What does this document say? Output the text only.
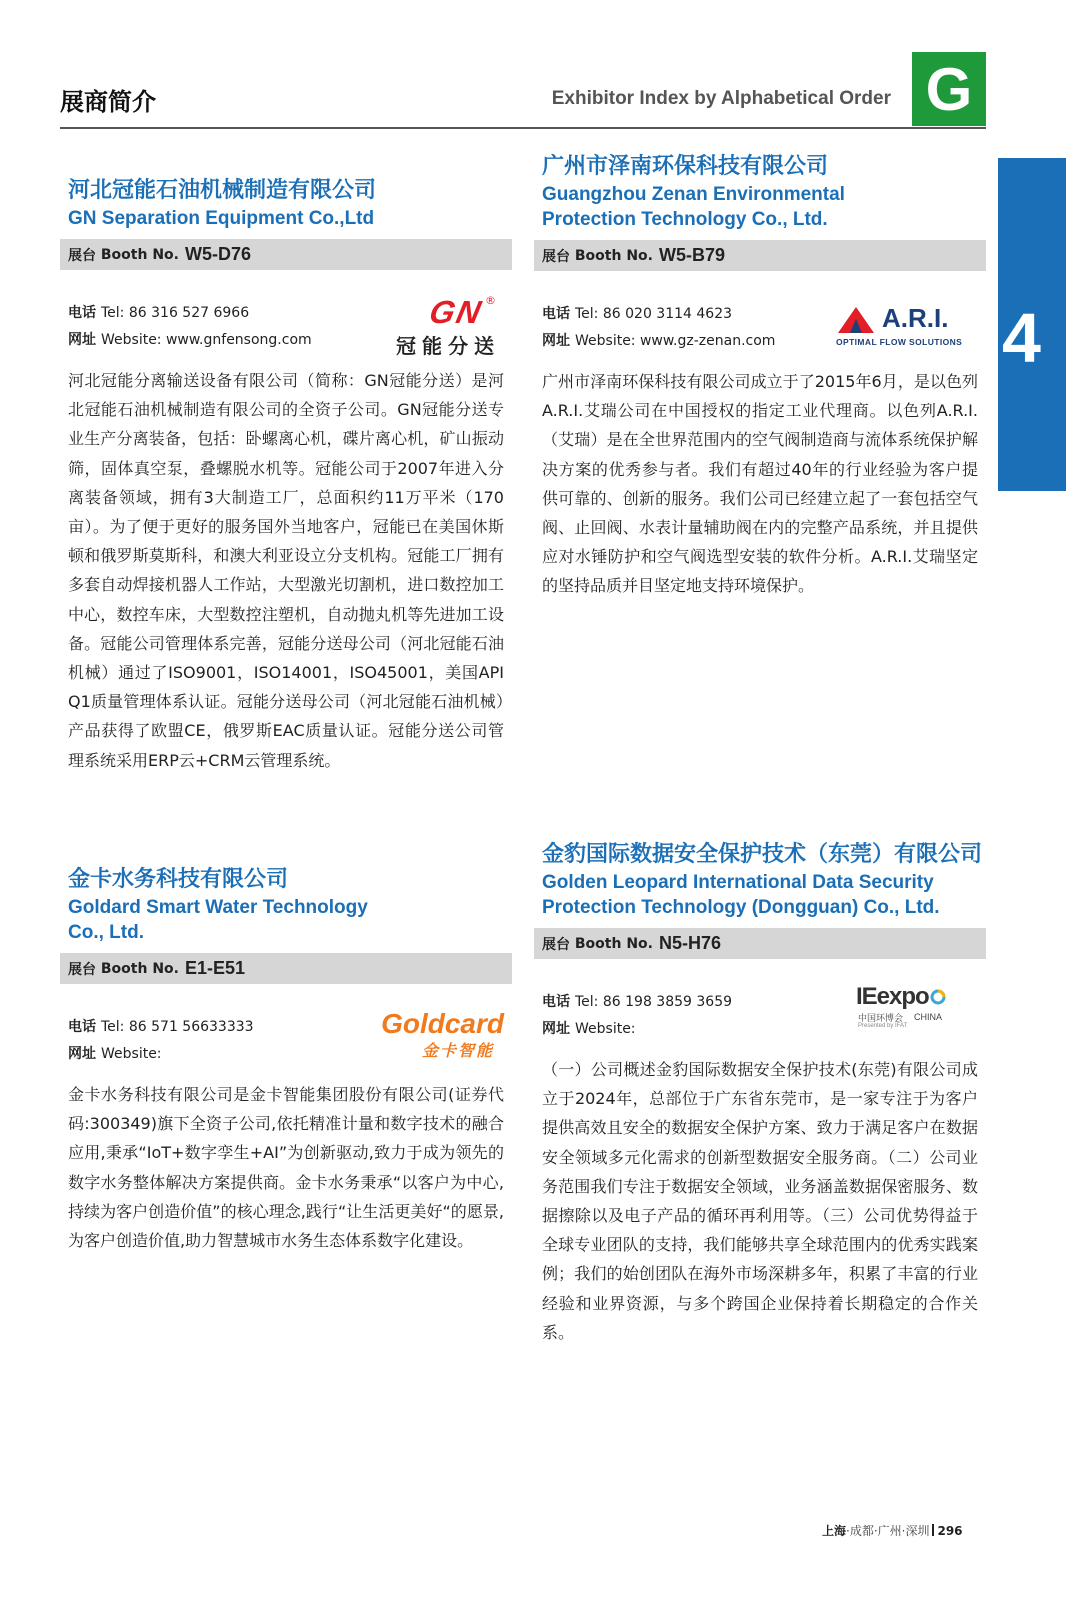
展商简介	Exhibitor Index by Alphabetical Order G
4
河北冠能石油机械制造有限公司
GN Separation Equipment Co.,Ltd
展台
Booth No. W5-D76
电话 Tel: 86 316 527 6966
网址 Website: www.gnfensong.com
GN ®
冠能分送
河北冠能分离输送设备有限公司（简称：GN冠能分送）是河北冠能石油机械制造有限公司的全资子公司。GN冠能分送专业生产分离装备，包括：卧螺离心机，碟片离心机，矿山振动筛，固体真空泵，叠螺脱水机等。冠能公司于2007年进入分离装备领域，拥有3大制造工厂，总面积约11万平米（170亩）。为了便于更好的服务国外当地客户，冠能已在美国休斯顿和俄罗斯莫斯科，和澳大利亚设立分支机构。冠能工厂拥有多套自动焊接机器人工作站，大型激光切割机，进口数控加工中心，数控车床，大型数控注塑机，自动抛丸机等先进加工设备。冠能公司管理体系完善，冠能分送母公司（河北冠能石油机械）通过了ISO9001，ISO14001，ISO45001，美国API Q1质量管理体系认证。冠能分送母公司（河北冠能石油机械）产品获得了欧盟CE，俄罗斯EAC质量认证。冠能分送公司管理系统采用ERP云+CRM云管理系统。
广州市泽南环保科技有限公司
Guangzhou Zenan Environmental Protection Technology Co., Ltd.
展台
Booth No. W5-B79
电话 Tel: 86 020 3114 4623
网址 Website: www.gz-zenan.com
A.R.I.
OPTIMAL FLOW SOLUTIONS
广州市泽南环保科技有限公司成立于了2015年6月，是以色列A.R.I.艾瑞公司在中国授权的指定工业代理商。以色列A.R.I.（艾瑞）是在全世界范围内的空气阀制造商与流体系统保护解决方案的优秀参与者。我们有超过40年的行业经验为客户提供可靠的、创新的服务。我们公司已经建立起了一套包括空气阀、止回阀、水表计量辅助阀在内的完整产品系统，并且提供应对水锤防护和空气阀选型安装的软件分析。A.R.I.艾瑞坚定的坚持品质并目坚定地支持环境保护。
金卡水务科技有限公司
Goldard Smart Water Technology Co., Ltd.
展台
Booth No. E1-E51
电话 Tel: 86 571 56633333
网址 Website:
Goldcard
金卡智能
金卡水务科技有限公司是金卡智能集团股份有限公司(证券代码:300349)旗下全资子公司,依托精准计量和数字技术的融合应用,秉承“IoT+数字孪生+AI”为创新驱动,致力于成为领先的数字水务整体解决方案提供商。金卡水务秉承“以客户为中心,持续为客户创造价值”的核心理念,践行“让生活更美好“的愿景,为客户创造价值,助力智慧城市水务生态体系数字化建设。
金豹国际数据安全保护技术（东莞）有限公司
Golden Leopard International Data Security Protection Technology (Dongguan) Co., Ltd.
展台
Booth No. N5-H76
电话 Tel: 86 198 3859 3659
网址 Website:
IEexpo
中国环博会 CHINA
Presented by IFAT
（一）公司概述金豹国际数据安全保护技术(东莞)有限公司成立于2024年，总部位于广东省东莞市，是一家专注于为客户提供高效且安全的数据安全保护方案、致力于满足客户在数据安全领域多元化需求的创新型数据安全服务商。（二）公司业务范围我们专注于数据安全领域，业务涵盖数据保密服务、数据擦除以及电子产品的循环再利用等。（三）公司优势得益于全球专业团队的支持，我们能够共享全球范围内的优秀实践案例；我们的始创团队在海外市场深耕多年，积累了丰富的行业经验和业界资源，与多个跨国企业保持着长期稳定的合作关系。
上海·成都·广州·深圳 296
